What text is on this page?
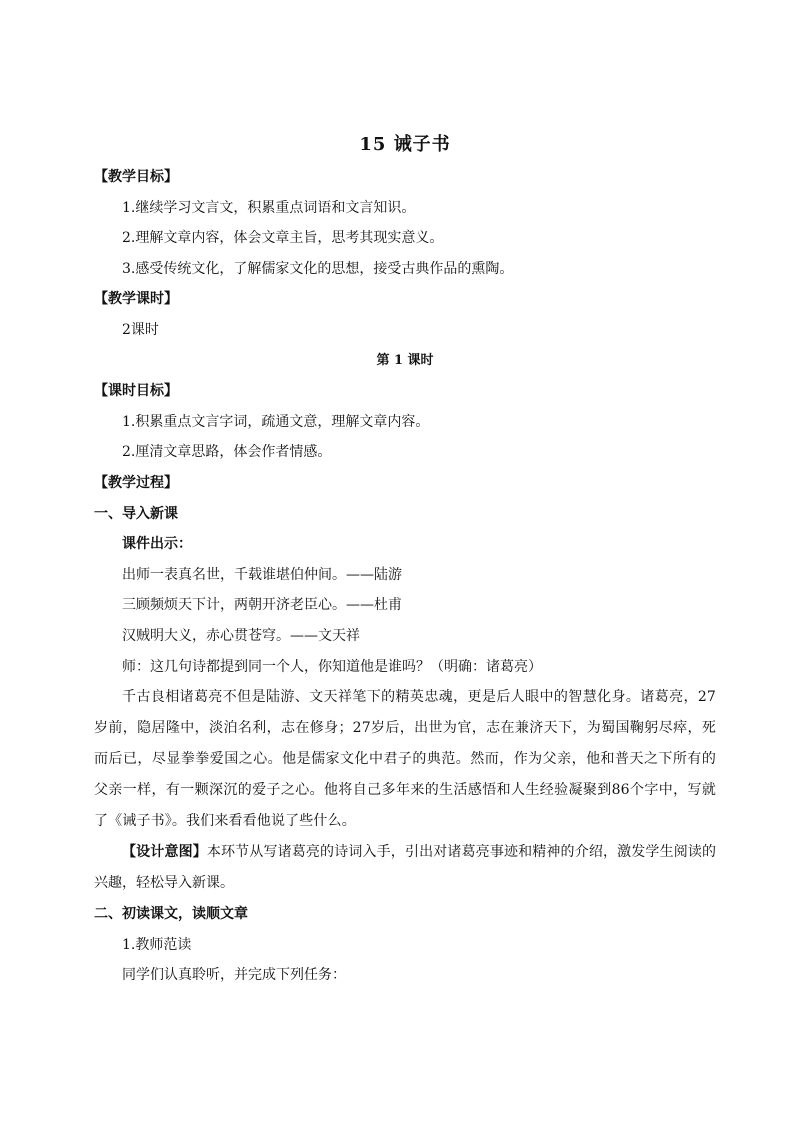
15 诫子书
【教学目标】
1.继续学习文言文，积累重点词语和文言知识。
2.理解文章内容，体会文章主旨，思考其现实意义。
3.感受传统文化，了解儒家文化的思想，接受古典作品的熏陶。
【教学课时】
2课时
第 1 课时
【课时目标】
1.积累重点文言字词，疏通文意，理解文章内容。
2.厘清文章思路，体会作者情感。
【教学过程】
一、导入新课
课件出示：
出师一表真名世，千载谁堪伯仲间。——陆游
三顾频烦天下计，两朝开济老臣心。——杜甫
汉贼明大义，赤心贯苍穹。——文天祥
师：这几句诗都提到同一个人，你知道他是谁吗？（明确：诸葛亮）

千古良相诸葛亮不但是陆游、文天祥笔下的精英忠魂，更是后人眼中的智慧化身。诸葛亮，27岁前，隐居隆中，淡泊名利，志在修身；27岁后，出世为官，志在兼济天下，为蜀国鞠躬尽瘁，死而后已，尽显拳拳爱国之心。他是儒家文化中君子的典范。然而，作为父亲，他和普天之下所有的父亲一样，有一颗深沉的爱子之心。他将自己多年来的生活感悟和人生经验凝聚到86个字中，写就了《诫子书》。我们来看看他说了些什么。

【设计意图】本环节从写诸葛亮的诗词入手，引出对诸葛亮事迹和精神的介绍，激发学生阅读的兴趣，轻松导入新课。

二、初读课文，读顺文章
1.教师范读
同学们认真聆听，并完成下列任务：
